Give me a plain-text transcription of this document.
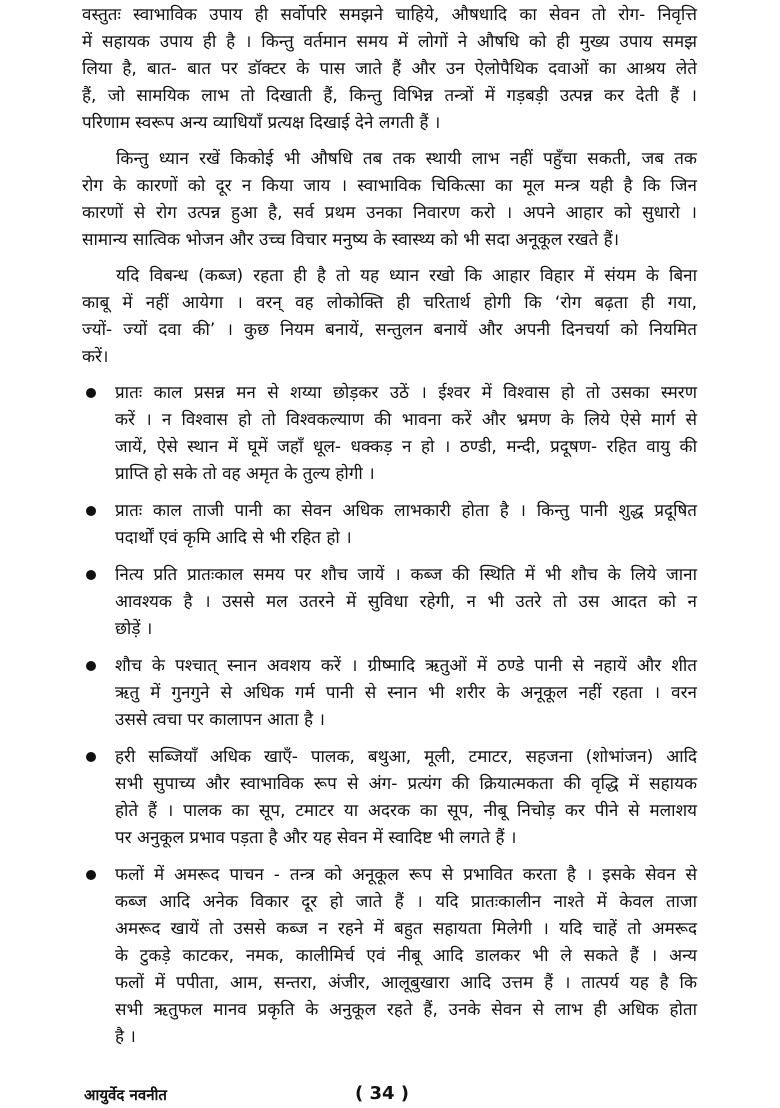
वस्तुतः स्वाभाविक उपाय ही सर्वोपरि समझने चाहिये, औषधादि का सेवन तो रोग- निवृत्ति
में सहायक उपाय ही है । किन्तु वर्तमान समय में लोगों ने औषधि को ही मुख्य उपाय समझ
लिया है, बात- बात पर डॉक्टर के पास जाते हैं और उन ऐलोपैथिक दवाओं का आश्रय लेते
हैं, जो सामयिक लाभ तो दिखाती हैं, किन्तु विभिन्न तन्त्रों में गड़बड़ी उत्पन्न कर देती हैं ।
परिणाम स्वरूप अन्य व्याधियाँ प्रत्यक्ष दिखाई देने लगती हैं ।
किन्तु ध्यान रखें किकोई भी औषधि तब तक स्थायी लाभ नहीं पहुँचा सकती, जब तक
रोग के कारणों को दूर न किया जाय । स्वाभाविक चिकित्सा का मूल मन्त्र यही है कि जिन
कारणों से रोग उत्पन्न हुआ है, सर्व प्रथम उनका निवारण करो । अपने आहार को सुधारो ।
सामान्य सात्विक भोजन और उच्च विचार मनुष्य के स्वास्थ्य को भी सदा अनूकूल रखते हैं।
यदि विबन्ध (कब्ज) रहता ही है तो यह ध्यान रखो कि आहार विहार में संयम के बिना
काबू में नहीं आयेगा । वरन् वह लोकोक्ति ही चरितार्थ होगी कि ‘रोग बढ़ता ही गया,
ज्यों- ज्यों दवा की’ । कुछ नियम बनायें, सन्तुलन बनायें और अपनी दिनचर्या को नियमित
करें।
प्रातः काल प्रसन्न मन से शय्या छोड़कर उठें । ईश्वर में विश्वास हो तो उसका स्मरण
करें । न विश्वास हो तो विश्वकल्याण की भावना करें और भ्रमण के लिये ऐसे मार्ग से
जायें, ऐसे स्थान में घूमें जहाँ धूल- धक्कड़ न हो । ठण्डी, मन्दी, प्रदूषण- रहित वायु की
प्राप्ति हो सके तो वह अमृत के तुल्य होगी ।
प्रातः काल ताजी पानी का सेवन अधिक लाभकारी होता है । किन्तु पानी शुद्ध प्रदूषित
पदार्थों एवं कृमि आदि से भी रहित हो ।
नित्य प्रति प्रातःकाल समय पर शौच जायें । कब्ज की स्थिति में भी शौच के लिये जाना
आवश्यक है । उससे मल उतरने में सुविधा रहेगी, न भी उतरे तो उस आदत को न
छोड़ें ।
शौच के पश्चात् स्नान अवशय करें । ग्रीष्मादि ऋतुओं में ठण्डे पानी से नहायें और शीत
ऋतु में गुनगुने से अधिक गर्म पानी से स्नान भी शरीर के अनूकूल नहीं रहता । वरन
उससे त्वचा पर कालापन आता है ।
हरी सब्जियाँ अधिक खाएँ- पालक, बथुआ, मूली, टमाटर, सहजना (शोभांजन) आदि
सभी सुपाच्य और स्वाभाविक रूप से अंग- प्रत्यंग की क्रियात्मकता की वृद्धि में सहायक
होते हैं । पालक का सूप, टमाटर या अदरक का सूप, नीबू निचोड़ कर पीने से मलाशय
पर अनुकूल प्रभाव पड़ता है और यह सेवन में स्वादिष्ट भी लगते हैं ।
फलों में अमरूद पाचन - तन्त्र को अनूकूल रूप से प्रभावित करता है । इसके सेवन से
कब्ज आदि अनेक विकार दूर हो जाते हैं । यदि प्रातःकालीन नाश्ते में केवल ताजा
अमरूद खायें तो उससे कब्ज न रहने में बहुत सहायता मिलेगी । यदि चाहें तो अमरूद
के टुकड़े काटकर, नमक, कालीमिर्च एवं नीबू आदि डालकर भी ले सकते हैं । अन्य
फलों में पपीता, आम, सन्तरा, अंजीर, आलूबुखारा आदि उत्तम हैं । तात्पर्य यह है कि
सभी ऋतुफल मानव प्रकृति के अनुकूल रहते हैं, उनके सेवन से लाभ ही अधिक होता
है ।
आयुर्वेद नवनीत	( 34 )
